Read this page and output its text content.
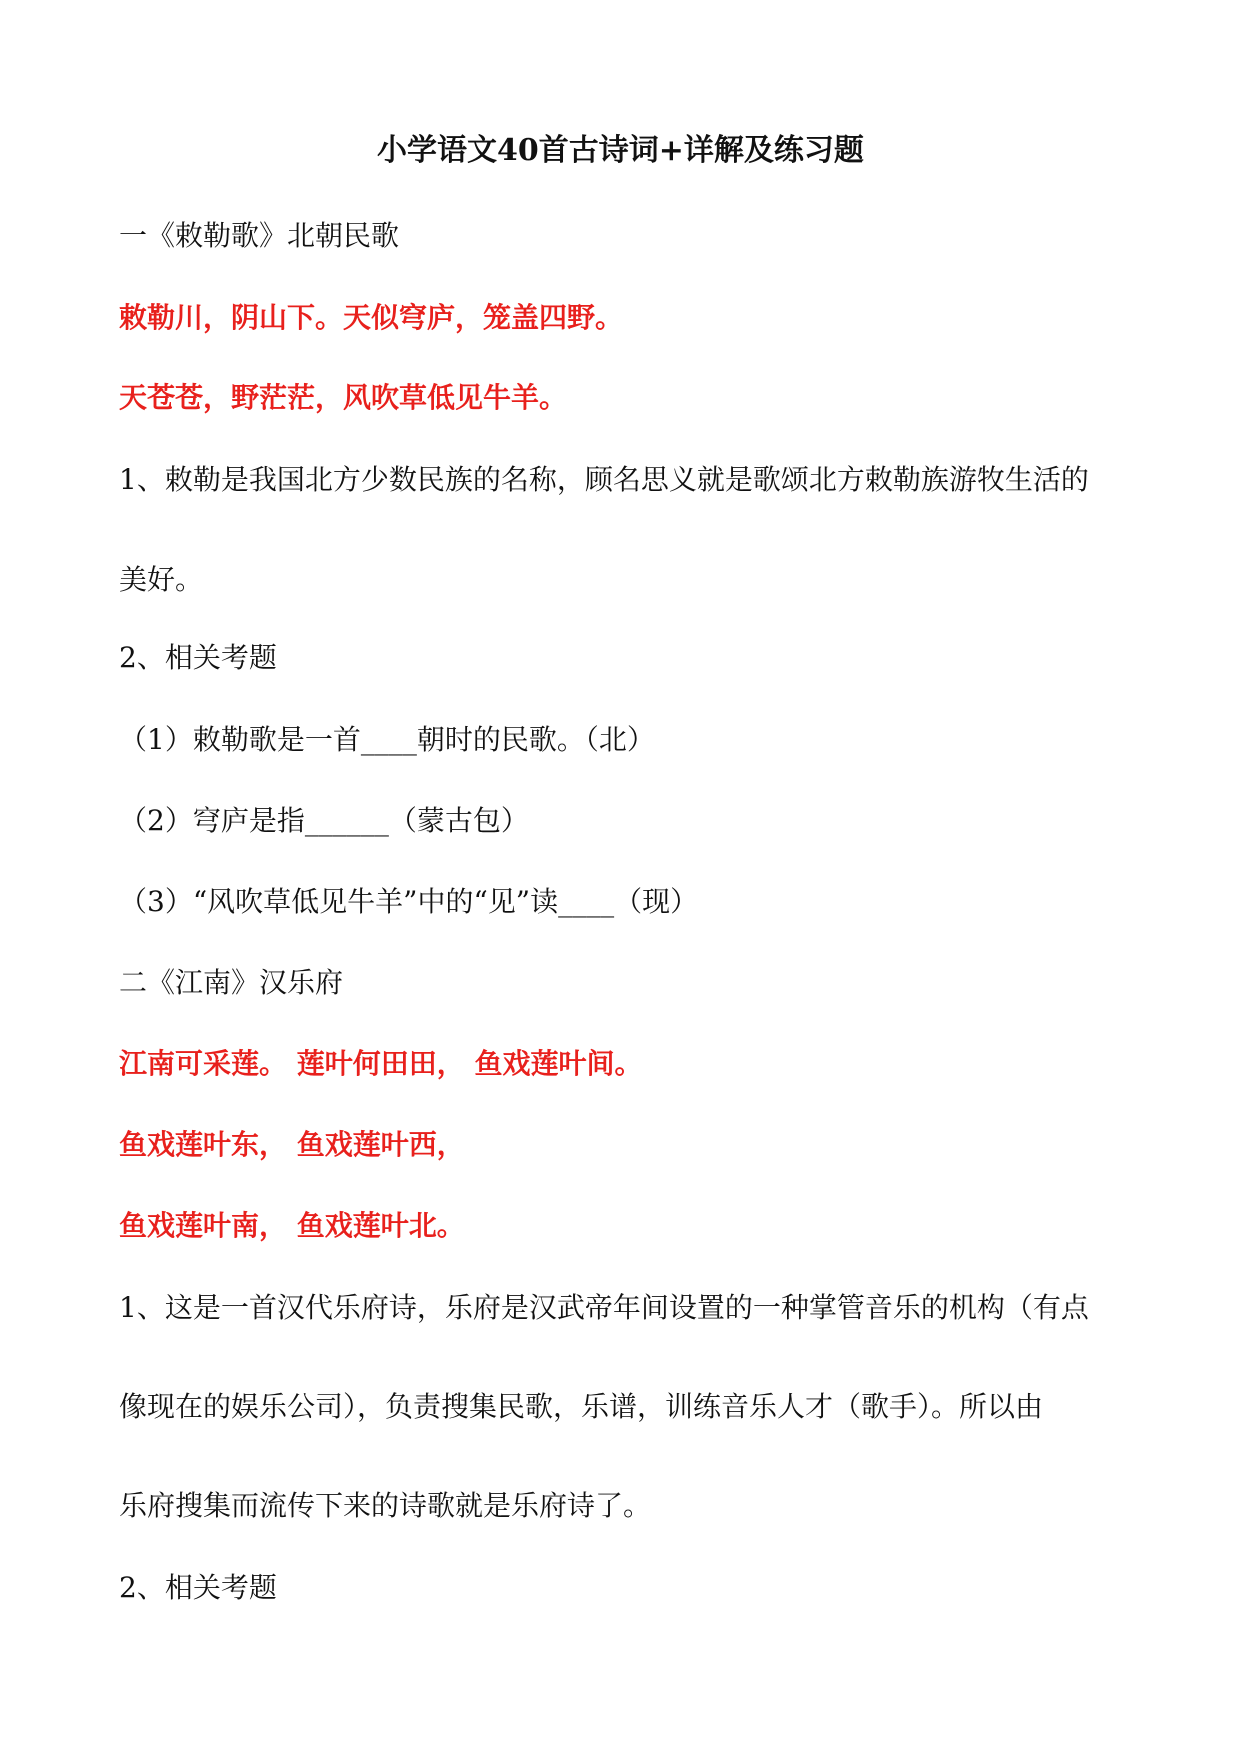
小学语文40首古诗词+详解及练习题
一《敕勒歌》北朝民歌
敕勒川，阴山下。天似穹庐，笼盖四野。
天苍苍，野茫茫，风吹草低见牛羊。
1、敕勒是我国北方少数民族的名称，顾名思义就是歌颂北方敕勒族游牧生活的
美好。
2、相关考题
（1）敕勒歌是一首____朝时的民歌。（北）
（2）穹庐是指______（蒙古包）
（3）“风吹草低见牛羊”中的“见”读____（现）
二《江南》汉乐府
江南可采莲。 莲叶何田田， 鱼戏莲叶间。
鱼戏莲叶东， 鱼戏莲叶西，
鱼戏莲叶南， 鱼戏莲叶北。
1、这是一首汉代乐府诗，乐府是汉武帝年间设置的一种掌管音乐的机构（有点
像现在的娱乐公司），负责搜集民歌，乐谱，训练音乐人才（歌手）。所以由
乐府搜集而流传下来的诗歌就是乐府诗了。
2、相关考题
